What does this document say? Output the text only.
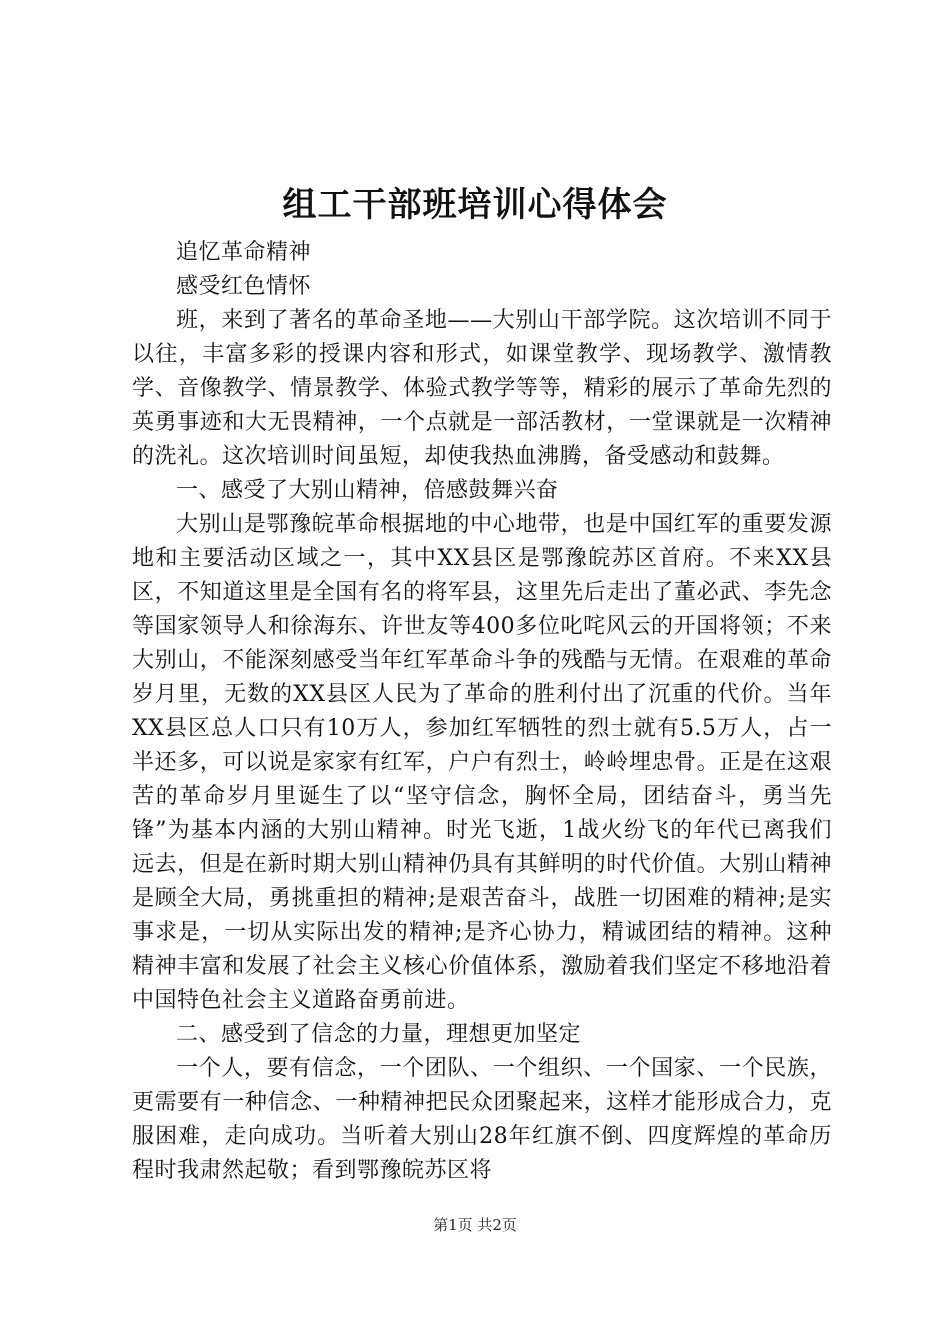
组工干部班培训心得体会

追忆革命精神

感受红色情怀

班，来到了著名的革命圣地——大别山干部学院。这次培训不同于以往，丰富多彩的授课内容和形式，如课堂教学、现场教学、激情教学、音像教学、情景教学、体验式教学等等，精彩的展示了革命先烈的英勇事迹和大无畏精神，一个点就是一部活教材，一堂课就是一次精神的洗礼。这次培训时间虽短，却使我热血沸腾，备受感动和鼓舞。

一、感受了大别山精神，倍感鼓舞兴奋

大别山是鄂豫皖革命根据地的中心地带，也是中国红军的重要发源地和主要活动区域之一，其中XX县区是鄂豫皖苏区首府。不来XX县区，不知道这里是全国有名的将军县，这里先后走出了董必武、李先念等国家领导人和徐海东、许世友等400多位叱咤风云的开国将领；不来大别山，不能深刻感受当年红军革命斗争的残酷与无情。在艰难的革命岁月里，无数的XX县区人民为了革命的胜利付出了沉重的代价。当年XX县区总人口只有10万人，参加红军牺牲的烈士就有5.5万人，占一半还多，可以说是家家有红军，户户有烈士，岭岭埋忠骨。正是在这艰苦的革命岁月里诞生了以“坚守信念，胸怀全局，团结奋斗，勇当先锋”为基本内涵的大别山精神。时光飞逝，1战火纷飞的年代已离我们远去，但是在新时期大别山精神仍具有其鲜明的时代价值。大别山精神是顾全大局，勇挑重担的精神;是艰苦奋斗，战胜一切困难的精神;是实事求是，一切从实际出发的精神;是齐心协力，精诚团结的精神。这种精神丰富和发展了社会主义核心价值体系，激励着我们坚定不移地沿着中国特色社会主义道路奋勇前进。

二、感受到了信念的力量，理想更加坚定

一个人，要有信念，一个团队、一个组织、一个国家、一个民族，更需要有一种信念、一种精神把民众团聚起来，这样才能形成合力，克服困难，走向成功。当听着大别山28年红旗不倒、四度辉煌的革命历程时我肃然起敬；看到鄂豫皖苏区将

第1页 共2页
